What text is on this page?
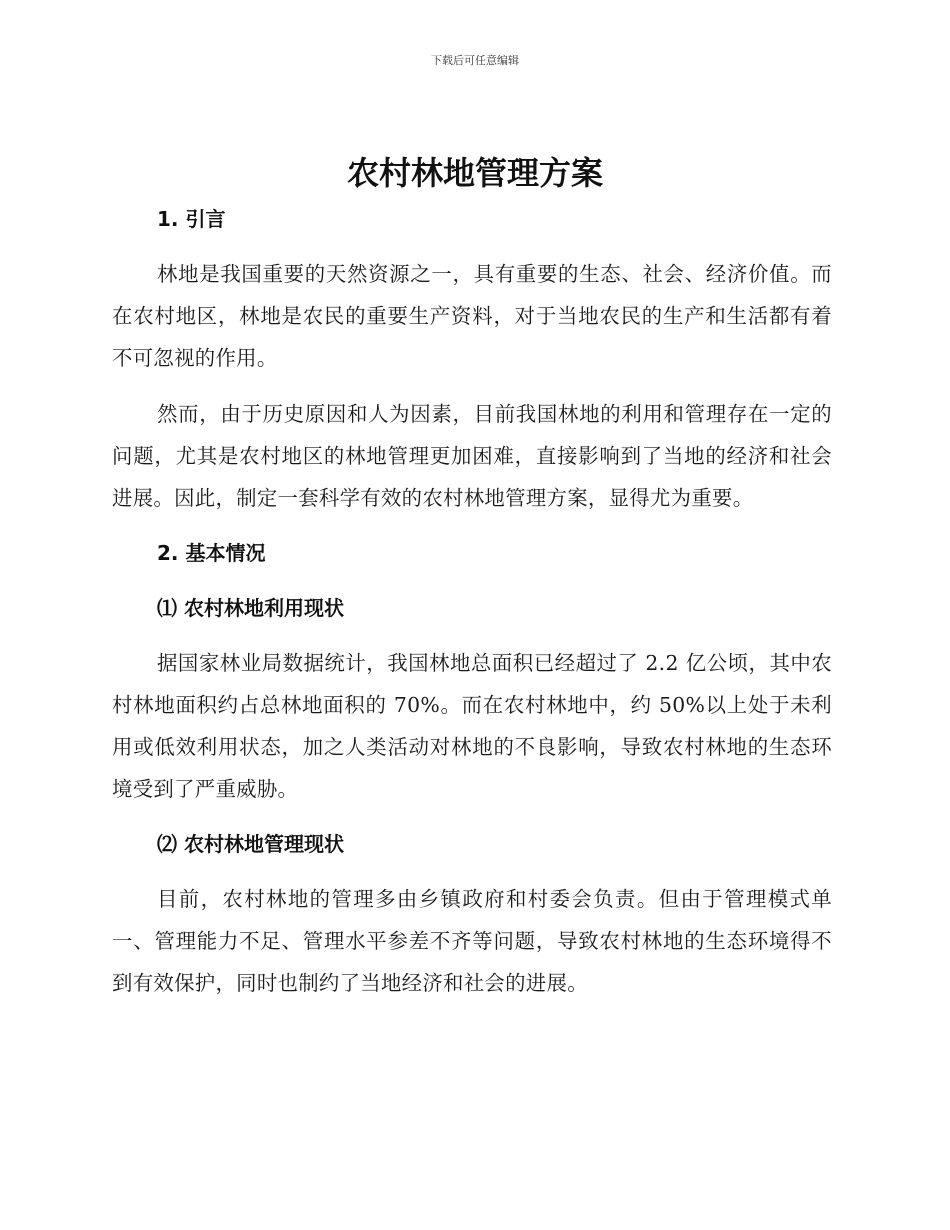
下载后可任意编辑
农村林地管理方案
1. 引言

林地是我国重要的天然资源之一，具有重要的生态、社会、经济价值。而在农村地区，林地是农民的重要生产资料，对于当地农民的生产和生活都有着不可忽视的作用。

然而，由于历史原因和人为因素，目前我国林地的利用和管理存在一定的问题，尤其是农村地区的林地管理更加困难，直接影响到了当地的经济和社会进展。因此，制定一套科学有效的农村林地管理方案，显得尤为重要。

2. 基本情况
⑴ 农村林地利用现状

据国家林业局数据统计，我国林地总面积已经超过了 2.2 亿公顷，其中农村林地面积约占总林地面积的 70%。而在农村林地中，约 50%以上处于未利用或低效利用状态，加之人类活动对林地的不良影响，导致农村林地的生态环境受到了严重威胁。

⑵ 农村林地管理现状

目前，农村林地的管理多由乡镇政府和村委会负责。但由于管理模式单一、管理能力不足、管理水平参差不齐等问题，导致农村林地的生态环境得不到有效保护，同时也制约了当地经济和社会的进展。
